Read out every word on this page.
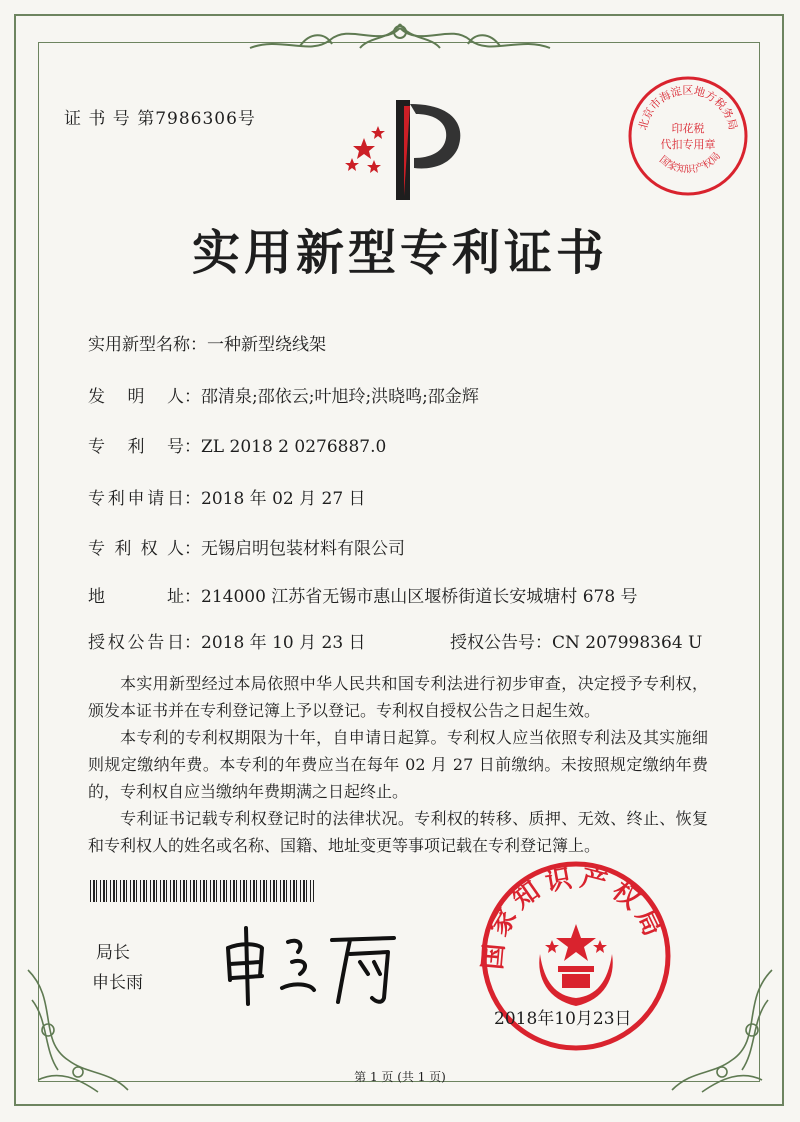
证 书 号 第7986306号	北京市海淀区地方税务局
印花税
代扣专用章
国家知识产权局
实用新型专利证书
实用新型名称：一种新型绕线架
发明人：邵清泉;邵依云;叶旭玲;洪晓鸣;邵金辉
专利号：ZL 2018 2 0276887.0
专利申请日：2018 年 02 月 27 日
专利权人：无锡启明包装材料有限公司
地址：214000 江苏省无锡市惠山区堰桥街道长安城塘村 678 号
授权公告日：2018 年 10 月 23 日	授权公告号：CN 207998364 U

本实用新型经过本局依照中华人民共和国专利法进行初步审查，决定授予专利权，颁发本证书并在专利登记簿上予以登记。专利权自授权公告之日起生效。

本专利的专利权期限为十年，自申请日起算。专利权人应当依照专利法及其实施细则规定缴纳年费。本专利的年费应当在每年 02 月 27 日前缴纳。未按照规定缴纳年费的，专利权自应当缴纳年费期满之日起终止。

专利证书记载专利权登记时的法律状况。专利权的转移、质押、无效、终止、恢复和专利权人的姓名或名称、国籍、地址变更等事项记载在专利登记簿上。

局长
申长雨
国家知识产权局
2018年10月23日
第 1 页 (共 1 页)
